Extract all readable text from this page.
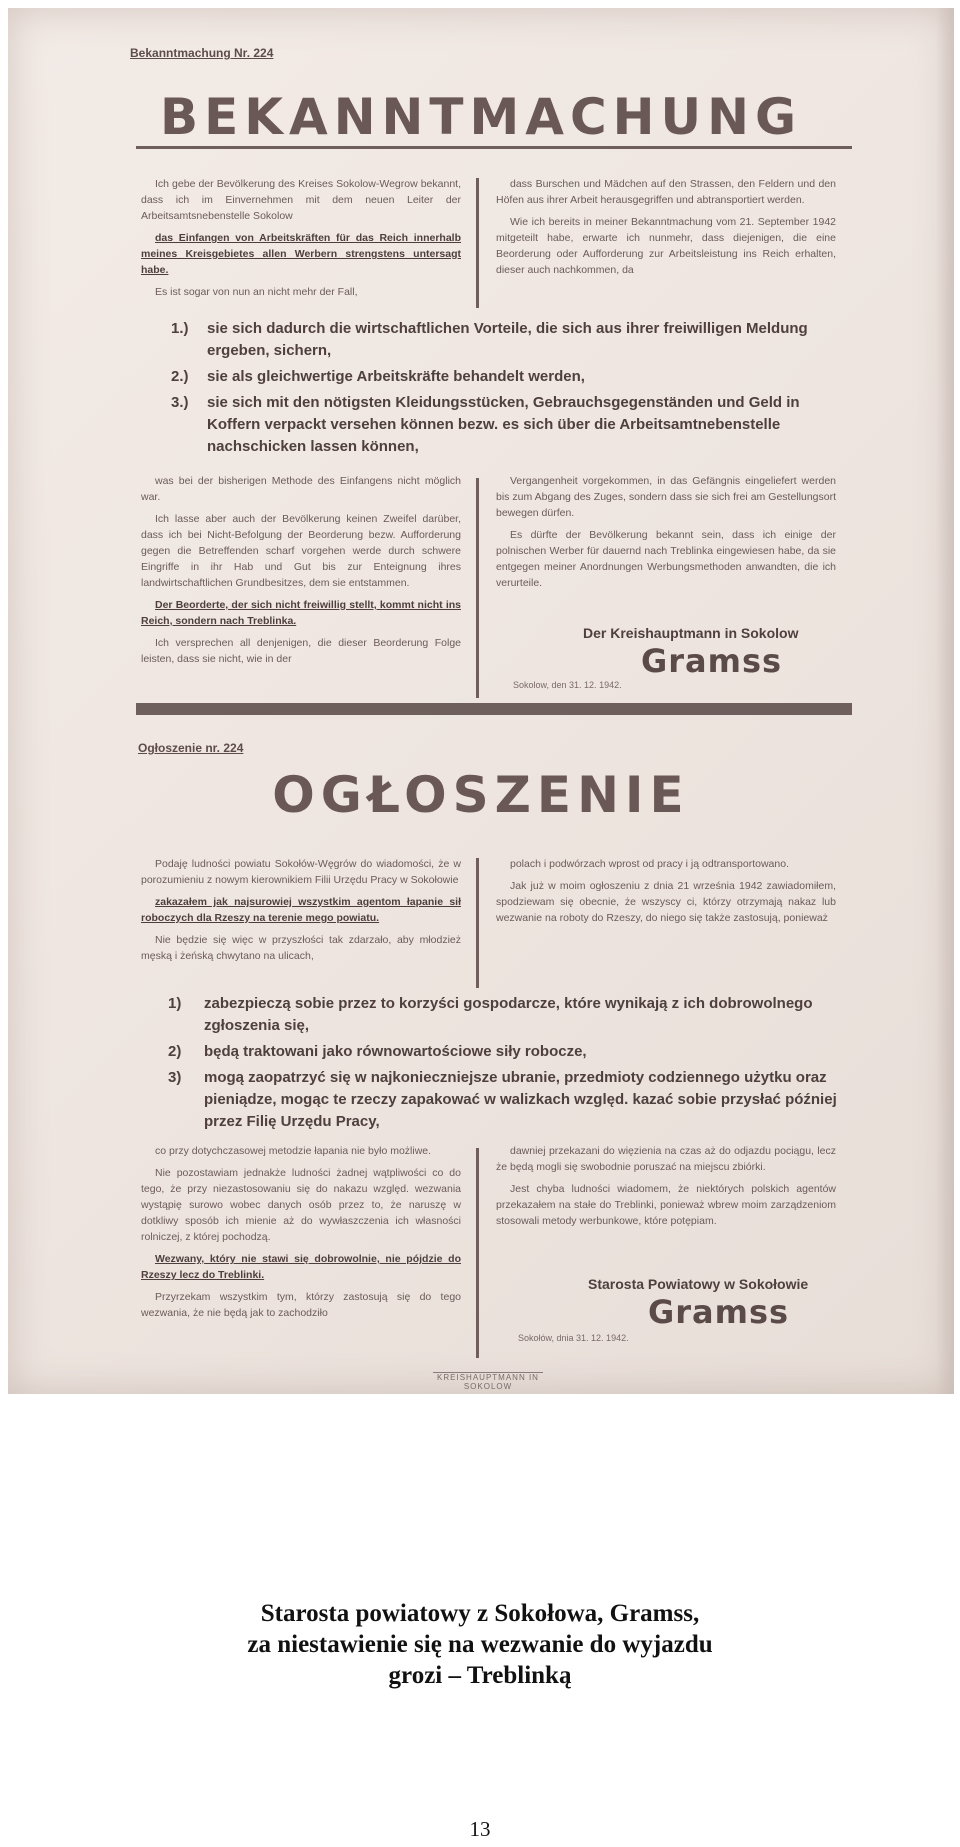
Bekanntmachung Nr. 224
BEKANNTMACHUNG

Ich gebe der Bevölkerung des Kreises Sokolow-Wegrow bekannt, dass ich im Einvernehmen mit dem neuen Leiter der Arbeitsamtsnebenstelle Sokolow

das Einfangen von Arbeitskräften für das Reich innerhalb meines Kreisgebietes allen Werbern strengstens untersagt habe.

Es ist sogar von nun an nicht mehr der Fall,

dass Burschen und Mädchen auf den Strassen, den Feldern und den Höfen aus ihrer Arbeit herausgegriffen und abtransportiert werden.

Wie ich bereits in meiner Bekanntmachung vom 21. September 1942 mitgeteilt habe, erwarte ich nunmehr, dass diejenigen, die eine Beorderung oder Aufforderung zur Arbeitsleistung ins Reich erhalten, dieser auch nachkommen, da

1.)	sie sich dadurch die wirtschaftlichen Vorteile, die sich aus ihrer freiwilligen Meldung ergeben, sichern,
2.)	sie als gleichwertige Arbeitskräfte behandelt werden,
3.)	sie sich mit den nötigsten Kleidungsstücken, Gebrauchsgegenständen und Geld in Koffern verpackt versehen können bezw. es sich über die Arbeitsamtnebenstelle nachschicken lassen können,

was bei der bisherigen Methode des Einfangens nicht möglich war.

Ich lasse aber auch der Bevölkerung keinen Zweifel darüber, dass ich bei Nicht-Befolgung der Beorderung bezw. Aufforderung gegen die Betreffenden scharf vorgehen werde durch schwere Eingriffe in ihr Hab und Gut bis zur Enteignung ihres landwirtschaftlichen Grundbesitzes, dem sie entstammen.

Der Beorderte, der sich nicht freiwillig stellt, kommt nicht ins Reich, sondern nach Treblinka.

Ich versprechen all denjenigen, die dieser Beorderung Folge leisten, dass sie nicht, wie in der

Vergangenheit vorgekommen, in das Gefängnis eingeliefert werden bis zum Abgang des Zuges, sondern dass sie sich frei am Gestellungsort bewegen dürfen.

Es dürfte der Bevölkerung bekannt sein, dass ich einige der polnischen Werber für dauernd nach Treblinka eingewiesen habe, da sie entgegen meiner Anordnungen Werbungsmethoden anwandten, die ich verurteile.

Der Kreishauptmann in Sokolow
Gramss
Sokolow, den 31. 12. 1942.
Ogłoszenie nr. 224
OGŁOSZENIE

Podaję ludności powiatu Sokołów-Węgrów do wiadomości, że w porozumieniu z nowym kierownikiem Filii Urzędu Pracy w Sokołowie

zakazałem jak najsurowiej wszystkim agentom łapanie sił roboczych dla Rzeszy na terenie mego powiatu.

Nie będzie się więc w przyszłości tak zdarzało, aby młodzież męską i żeńską chwytano na ulicach,

polach i podwórzach wprost od pracy i ją odtransportowano.

Jak już w moim ogłoszeniu z dnia 21 września 1942 zawiadomiłem, spodziewam się obecnie, że wszyscy ci, którzy otrzymają nakaz lub wezwanie na roboty do Rzeszy, do niego się także zastosują, ponieważ

1)	zabezpieczą sobie przez to korzyści gospodarcze, które wynikają z ich dobrowolnego zgłoszenia się,
2)	będą traktowani jako równowartościowe siły robocze,
3)	mogą zaopatrzyć się w najkonieczniejsze ubranie, przedmioty codziennego użytku oraz pieniądze, mogąc te rzeczy zapakować w walizkach względ. kazać sobie przysłać później przez Filię Urzędu Pracy,

co przy dotychczasowej metodzie łapania nie było możliwe.

Nie pozostawiam jednakże ludności żadnej wątpliwości co do tego, że przy niezastosowaniu się do nakazu względ. wezwania wystąpię surowo wobec danych osób przez to, że naruszę w dotkliwy sposób ich mienie aż do wywłaszczenia ich własności rolniczej, z której pochodzą.

Wezwany, który nie stawi się dobrowolnie, nie pójdzie do Rzeszy lecz do Treblinki.

Przyrzekam wszystkim tym, którzy zastosują się do tego wezwania, że nie będą jak to zachodziło

dawniej przekazani do więzienia na czas aż do odjazdu pociągu, lecz że będą mogli się swobodnie poruszać na miejscu zbiórki.

Jest chyba ludności wiadomem, że niektórych polskich agentów przekazałem na stałe do Treblinki, ponieważ wbrew moim zarządzeniom stosowali metody werbunkowe, które potępiam.

Starosta Powiatowy w Sokołowie
Gramss
Sokołów, dnia 31. 12. 1942.
KREISHAUPTMANN IN SOKOLOW
Starosta powiatowy z Sokołowa, Gramss,
za niestawienie się na wezwanie do wyjazdu
grozi – Treblinką
13
